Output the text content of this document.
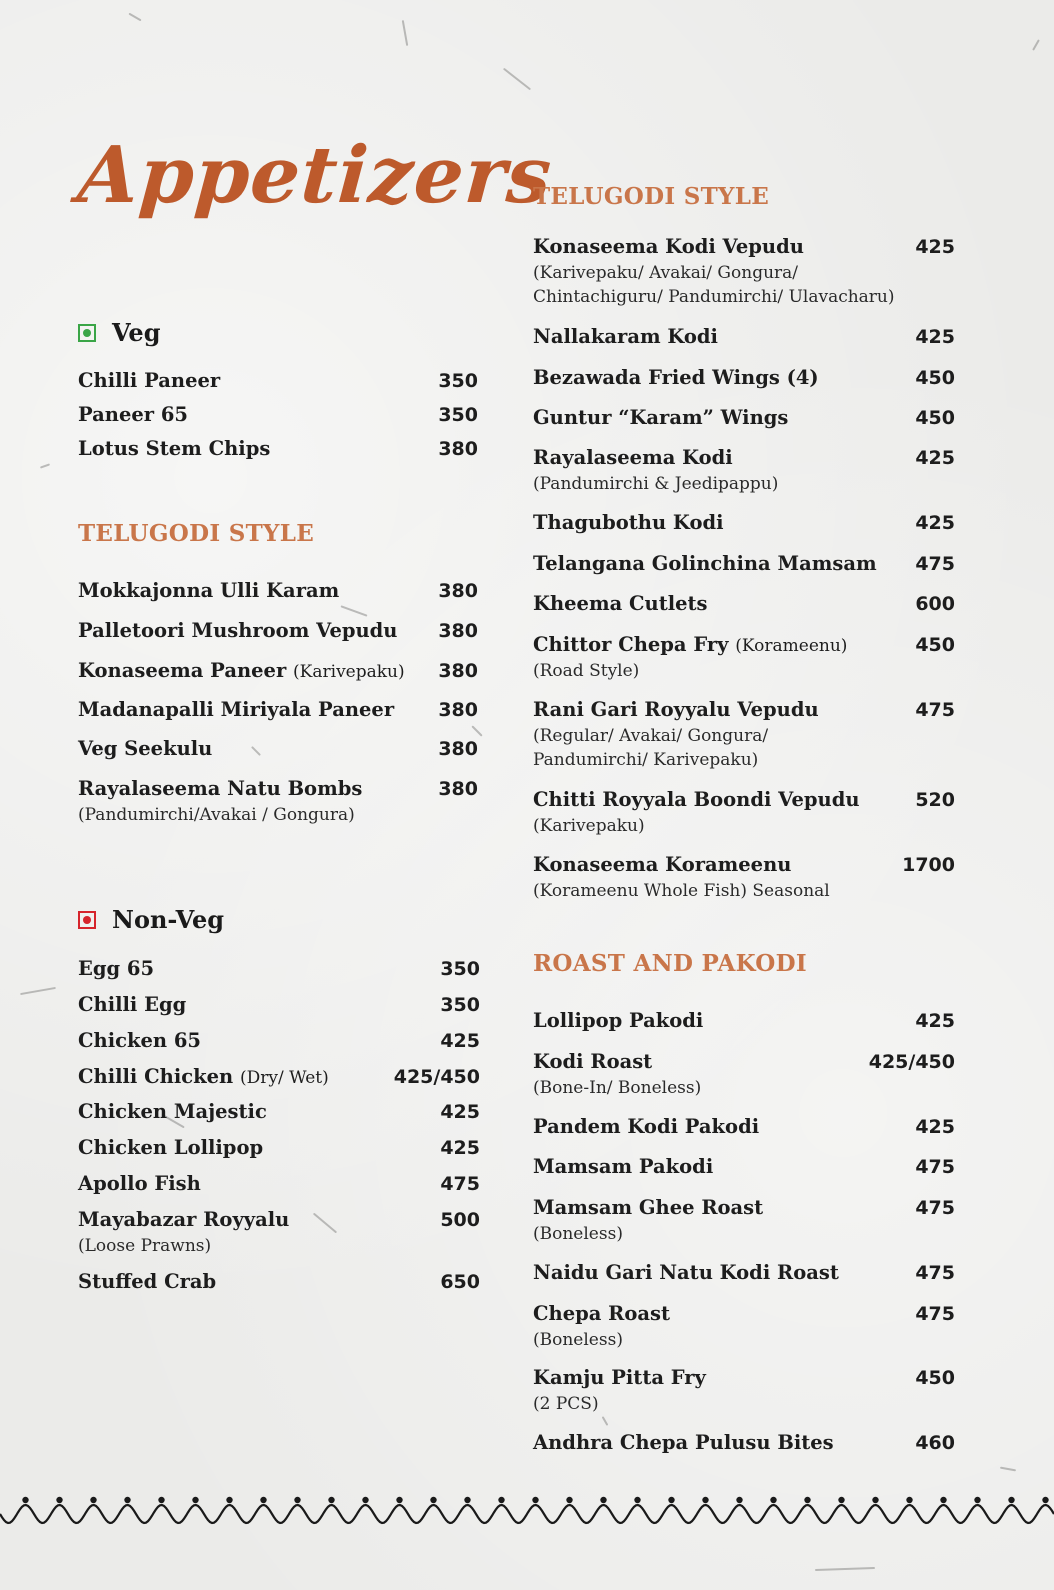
Appetizers
Veg
Chilli Paneer	350
Paneer 65	350
Lotus Stem Chips	380
TELUGODI STYLE
Mokkajonna Ulli Karam	380
Palletoori Mushroom Vepudu 380
Konaseema Paneer (Karivepaku) 380
Madanapalli Miriyala Paneer 380
Veg Seekulu	380
Rayalaseema Natu Bombs	380
(Pandumirchi/Avakai / Gongura)
Non-Veg
Egg 65	350
Chilli Egg	350
Chicken 65	425
Chilli Chicken (Dry/ Wet)	425/450
Chicken Majestic	425
Chicken Lollipop	425
Apollo Fish	475
Mayabazar Royyalu	500
(Loose Prawns)
Stuffed Crab	650
TELUGODI STYLE
Konaseema Kodi Vepudu	425
(Karivepaku/ Avakai/ Gongura/
Chintachiguru/ Pandumirchi/ Ulavacharu)
Nallakaram Kodi	425
Bezawada Fried Wings (4)	450
Guntur “Karam” Wings	450
Rayalaseema Kodi	425
(Pandumirchi & Jeedipappu)
Thagubothu Kodi	425
Telangana Golinchina Mamsam 475
Kheema Cutlets	600
Chittor Chepa Fry (Korameenu)	450
(Road Style)
Rani Gari Royyalu Vepudu	475
(Regular/ Avakai/ Gongura/
Pandumirchi/ Karivepaku)
Chitti Royyala Boondi Vepudu	520
(Karivepaku)
Konaseema Korameenu	1700
(Korameenu Whole Fish) Seasonal
ROAST AND PAKODI
Lollipop Pakodi	425
Kodi Roast	425/450
(Bone-In/ Boneless)
Pandem Kodi Pakodi	425
Mamsam Pakodi	475
Mamsam Ghee Roast	475
(Boneless)
Naidu Gari Natu Kodi Roast	475
Chepa Roast	475
(Boneless)
Kamju Pitta Fry	450
(2 PCS)
Andhra Chepa Pulusu Bites	460
